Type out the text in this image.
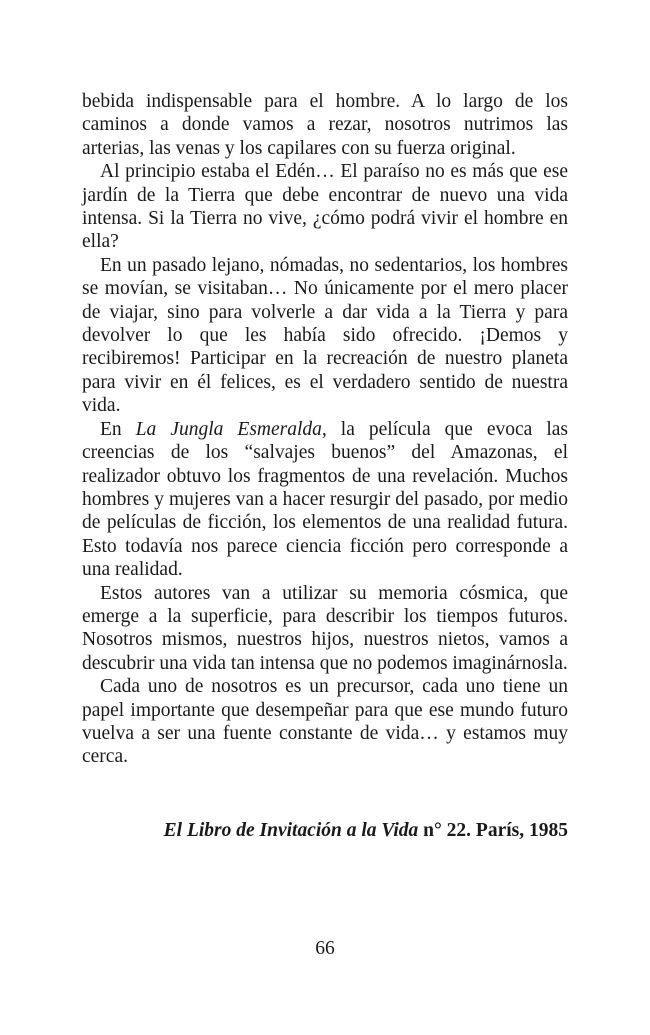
bebida indispensable para el hombre. A lo largo de los caminos a donde vamos a rezar, nosotros nutrimos las arterias, las venas y los capilares con su fuerza original.

Al principio estaba el Edén… El paraíso no es más que ese jardín de la Tierra que debe encontrar de nuevo una vida intensa. Si la Tierra no vive, ¿cómo podrá vivir el hombre en ella?

En un pasado lejano, nómadas, no sedentarios, los hombres se movían, se visitaban… No únicamente por el mero placer de viajar, sino para volverle a dar vida a la Tierra y para devolver lo que les había sido ofrecido. ¡Demos y recibiremos! Participar en la recreación de nuestro planeta para vivir en él felices, es el verdadero sentido de nuestra vida.

En La Jungla Esmeralda, la película que evoca las creencias de los “salvajes buenos” del Amazonas, el realizador obtuvo los fragmentos de una revelación. Muchos hombres y mujeres van a hacer resurgir del pasado, por medio de películas de ficción, los elementos de una realidad futura. Esto todavía nos parece ciencia ficción pero corresponde a una realidad.

Estos autores van a utilizar su memoria cósmica, que emerge a la superficie, para describir los tiempos futuros. Nosotros mismos, nuestros hijos, nuestros nietos, vamos a descubrir una vida tan intensa que no podemos imaginárnosla.

Cada uno de nosotros es un precursor, cada uno tiene un papel importante que desempeñar para que ese mundo futuro vuelva a ser una fuente constante de vida… y estamos muy cerca.

El Libro de Invitación a la Vida n° 22. París, 1985
66
